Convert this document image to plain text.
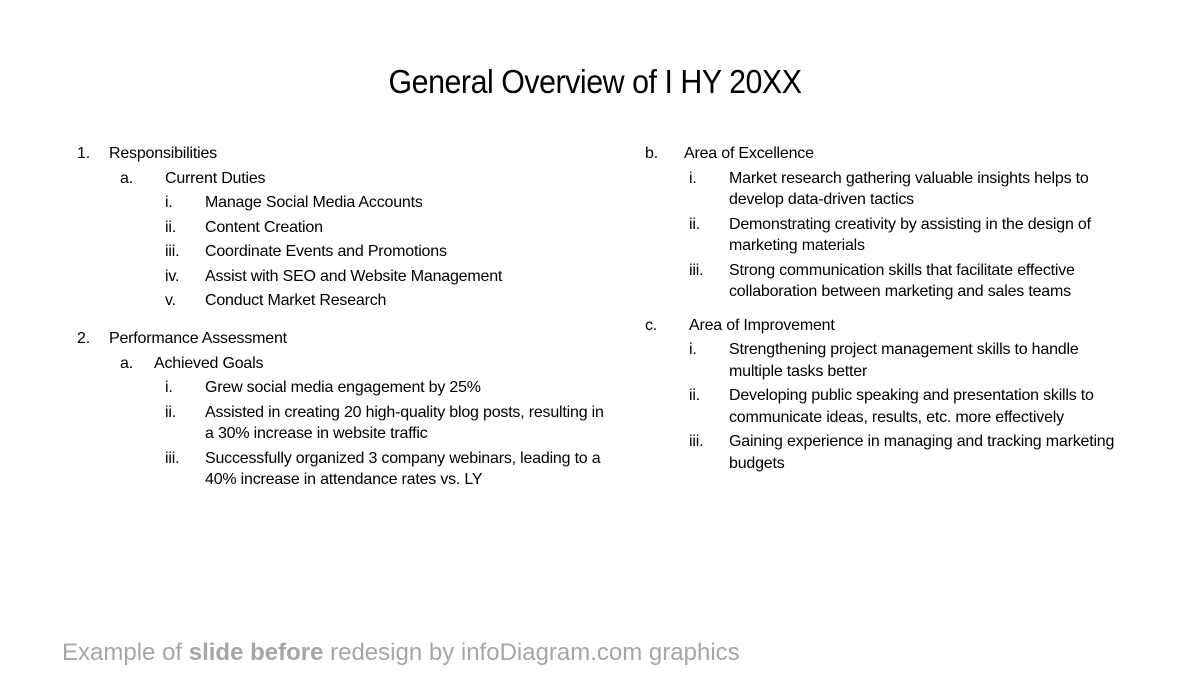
General Overview of I HY 20XX
1. Responsibilities
a. Current Duties
i. Manage Social Media Accounts
ii. Content Creation
iii. Coordinate Events and Promotions
iv. Assist with SEO and Website Management
v. Conduct Market Research
2. Performance Assessment
a. Achieved Goals
i. Grew social media engagement by 25%
ii. Assisted in creating 20 high-quality blog posts, resulting in a 30% increase in website traffic
iii. Successfully organized 3 company webinars, leading to a 40% increase in attendance rates vs. LY
b. Area of Excellence
i. Market research gathering valuable insights helps to develop data-driven tactics
ii. Demonstrating creativity by assisting in the design of marketing materials
iii. Strong communication skills that facilitate effective collaboration between marketing and sales teams
c. Area of Improvement
i. Strengthening project management skills to handle multiple tasks better
ii. Developing public speaking and presentation skills to communicate ideas, results, etc. more effectively
iii. Gaining experience in managing and tracking marketing budgets
Example of slide before redesign by infoDiagram.com graphics
